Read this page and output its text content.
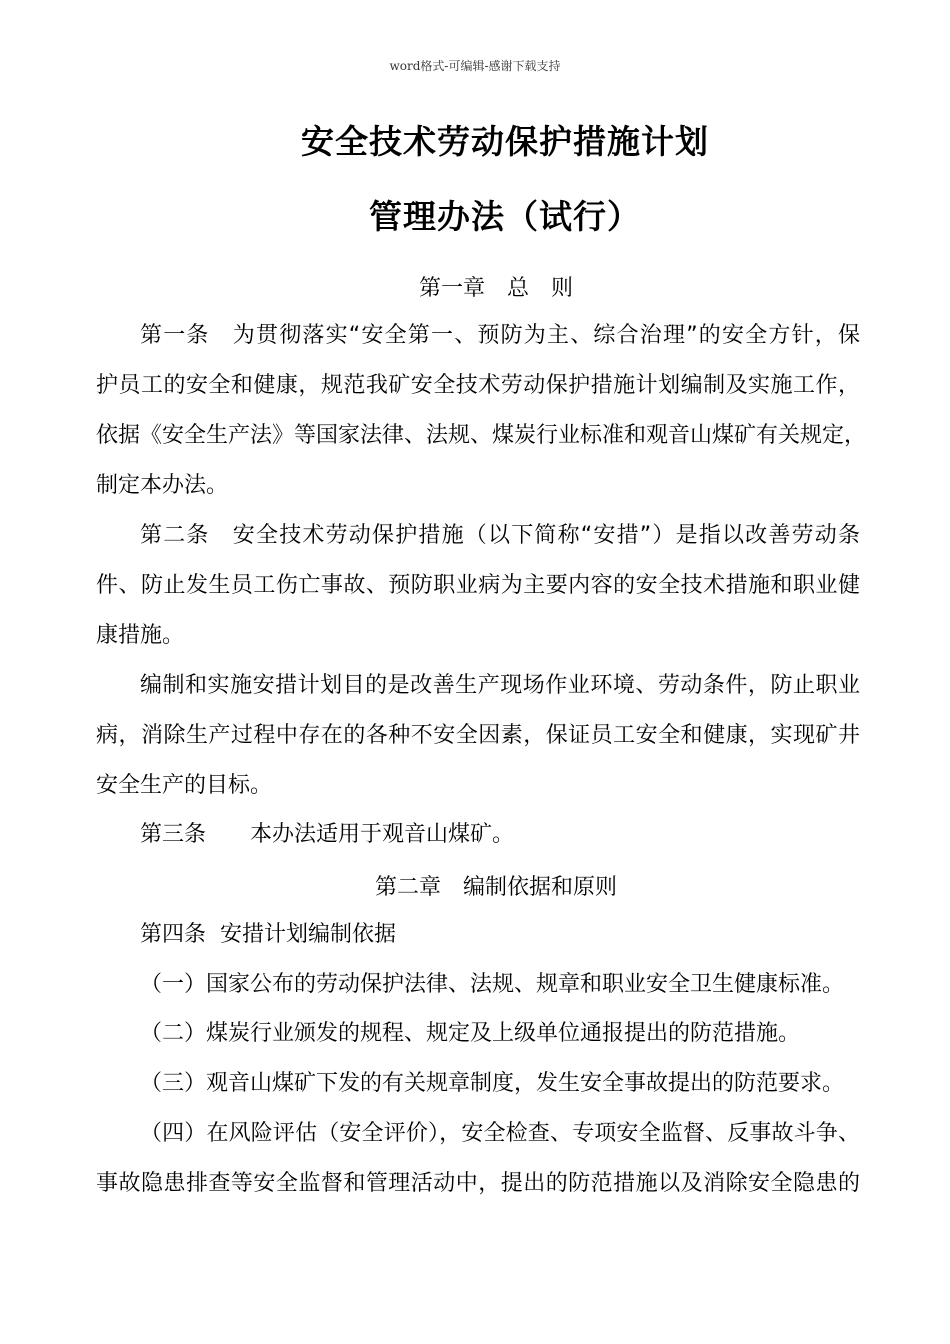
word格式-可编辑-感谢下载支持
安全技术劳动保护措施计划
管理办法（试行）
第一章　总　则
第一条　为贯彻落实“安全第一、预防为主、综合治理”的安全方针，保
护员工的安全和健康，规范我矿安全技术劳动保护措施计划编制及实施工作，
依据《安全生产法》等国家法律、法规、煤炭行业标准和观音山煤矿有关规定，
制定本办法。
第二条　安全技术劳动保护措施（以下简称“安措”）是指以改善劳动条
件、防止发生员工伤亡事故、预防职业病为主要内容的安全技术措施和职业健
康措施。
编制和实施安措计划目的是改善生产现场作业环境、劳动条件，防止职业
病，消除生产过程中存在的各种不安全因素，保证员工安全和健康，实现矿井
安全生产的目标。
第三条　　本办法适用于观音山煤矿。
第二章　编制依据和原则
第四条  安措计划编制依据
（一）国家公布的劳动保护法律、法规、规章和职业安全卫生健康标准。
（二）煤炭行业颁发的规程、规定及上级单位通报提出的防范措施。
（三）观音山煤矿下发的有关规章制度，发生安全事故提出的防范要求。
（四）在风险评估（安全评价），安全检查、专项安全监督、反事故斗争、
事故隐患排查等安全监督和管理活动中，提出的防范措施以及消除安全隐患的
